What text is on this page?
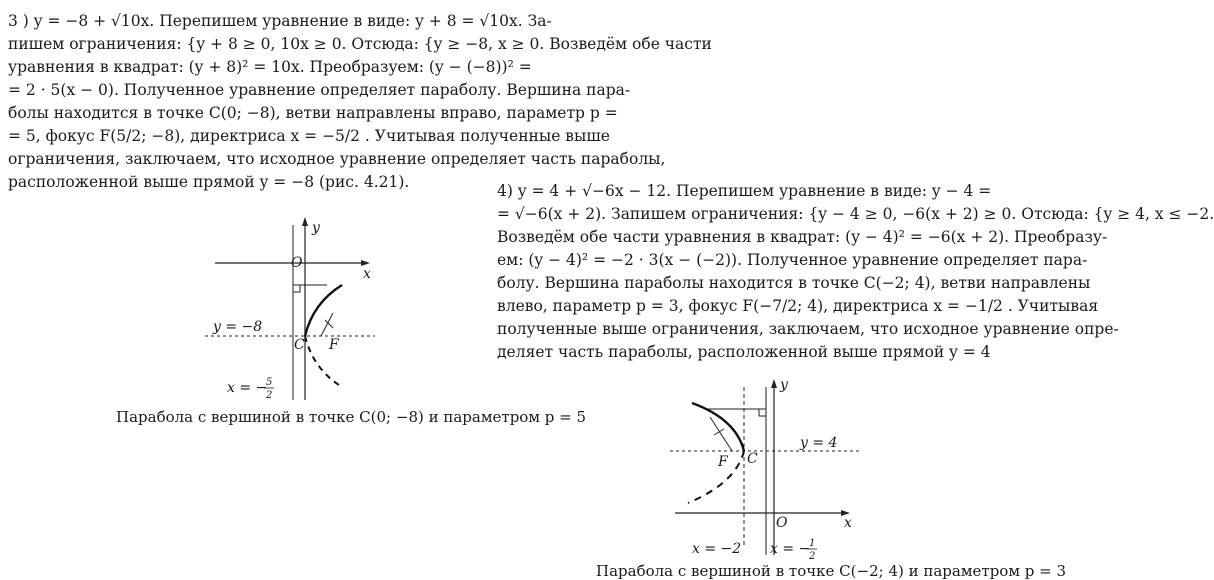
3 ) y = −8 + √10x. Перепишем уравнение в виде: y + 8 = √10x. За-
пишем ограничения: {y + 8 ≥ 0, 10x ≥ 0. Отсюда: {y ≥ −8, x ≥ 0. Возведём обе части
уравнения в квадрат: (y + 8)² = 10x. Преобразуем: (y − (−8))² =
= 2 · 5(x − 0). Полученное уравнение определяет параболу. Вершина пара-
болы находится в точке C(0; −8), ветви направлены вправо, параметр p =
= 5, фокус F(5/2; −8), директриса x = −5/2 . Учитывая полученные выше
ограничения, заключаем, что исходное уравнение определяет часть параболы,
расположенной выше прямой y = −8 (рис. 4.21).
y
x
O
y = −8
C F
x = −
5
2
Парабола с вершиной в точке C(0; −8) и параметром p = 5
4) y = 4 + √−6x − 12. Перепишем уравнение в виде: y − 4 =
= √−6(x + 2). Запишем ограничения: {y − 4 ≥ 0, −6(x + 2) ≥ 0. Отсюда: {y ≥ 4, x ≤ −2.
Возведём обе части уравнения в квадрат: (y − 4)² = −6(x + 2). Преобразу-
ем: (y − 4)² = −2 · 3(x − (−2)). Полученное уравнение определяет пара-
болу. Вершина параболы находится в точке C(−2; 4), ветви направлены
влево, параметр p = 3, фокус F(−7/2; 4), директриса x = −1/2 . Учитывая
полученные выше ограничения, заключаем, что исходное уравнение опре-
деляет часть параболы, расположенной выше прямой y = 4
y
x
O
y = 4
F C
x = −2 x = −
1
2
Парабола с вершиной в точке C(−2; 4) и параметром p = 3
